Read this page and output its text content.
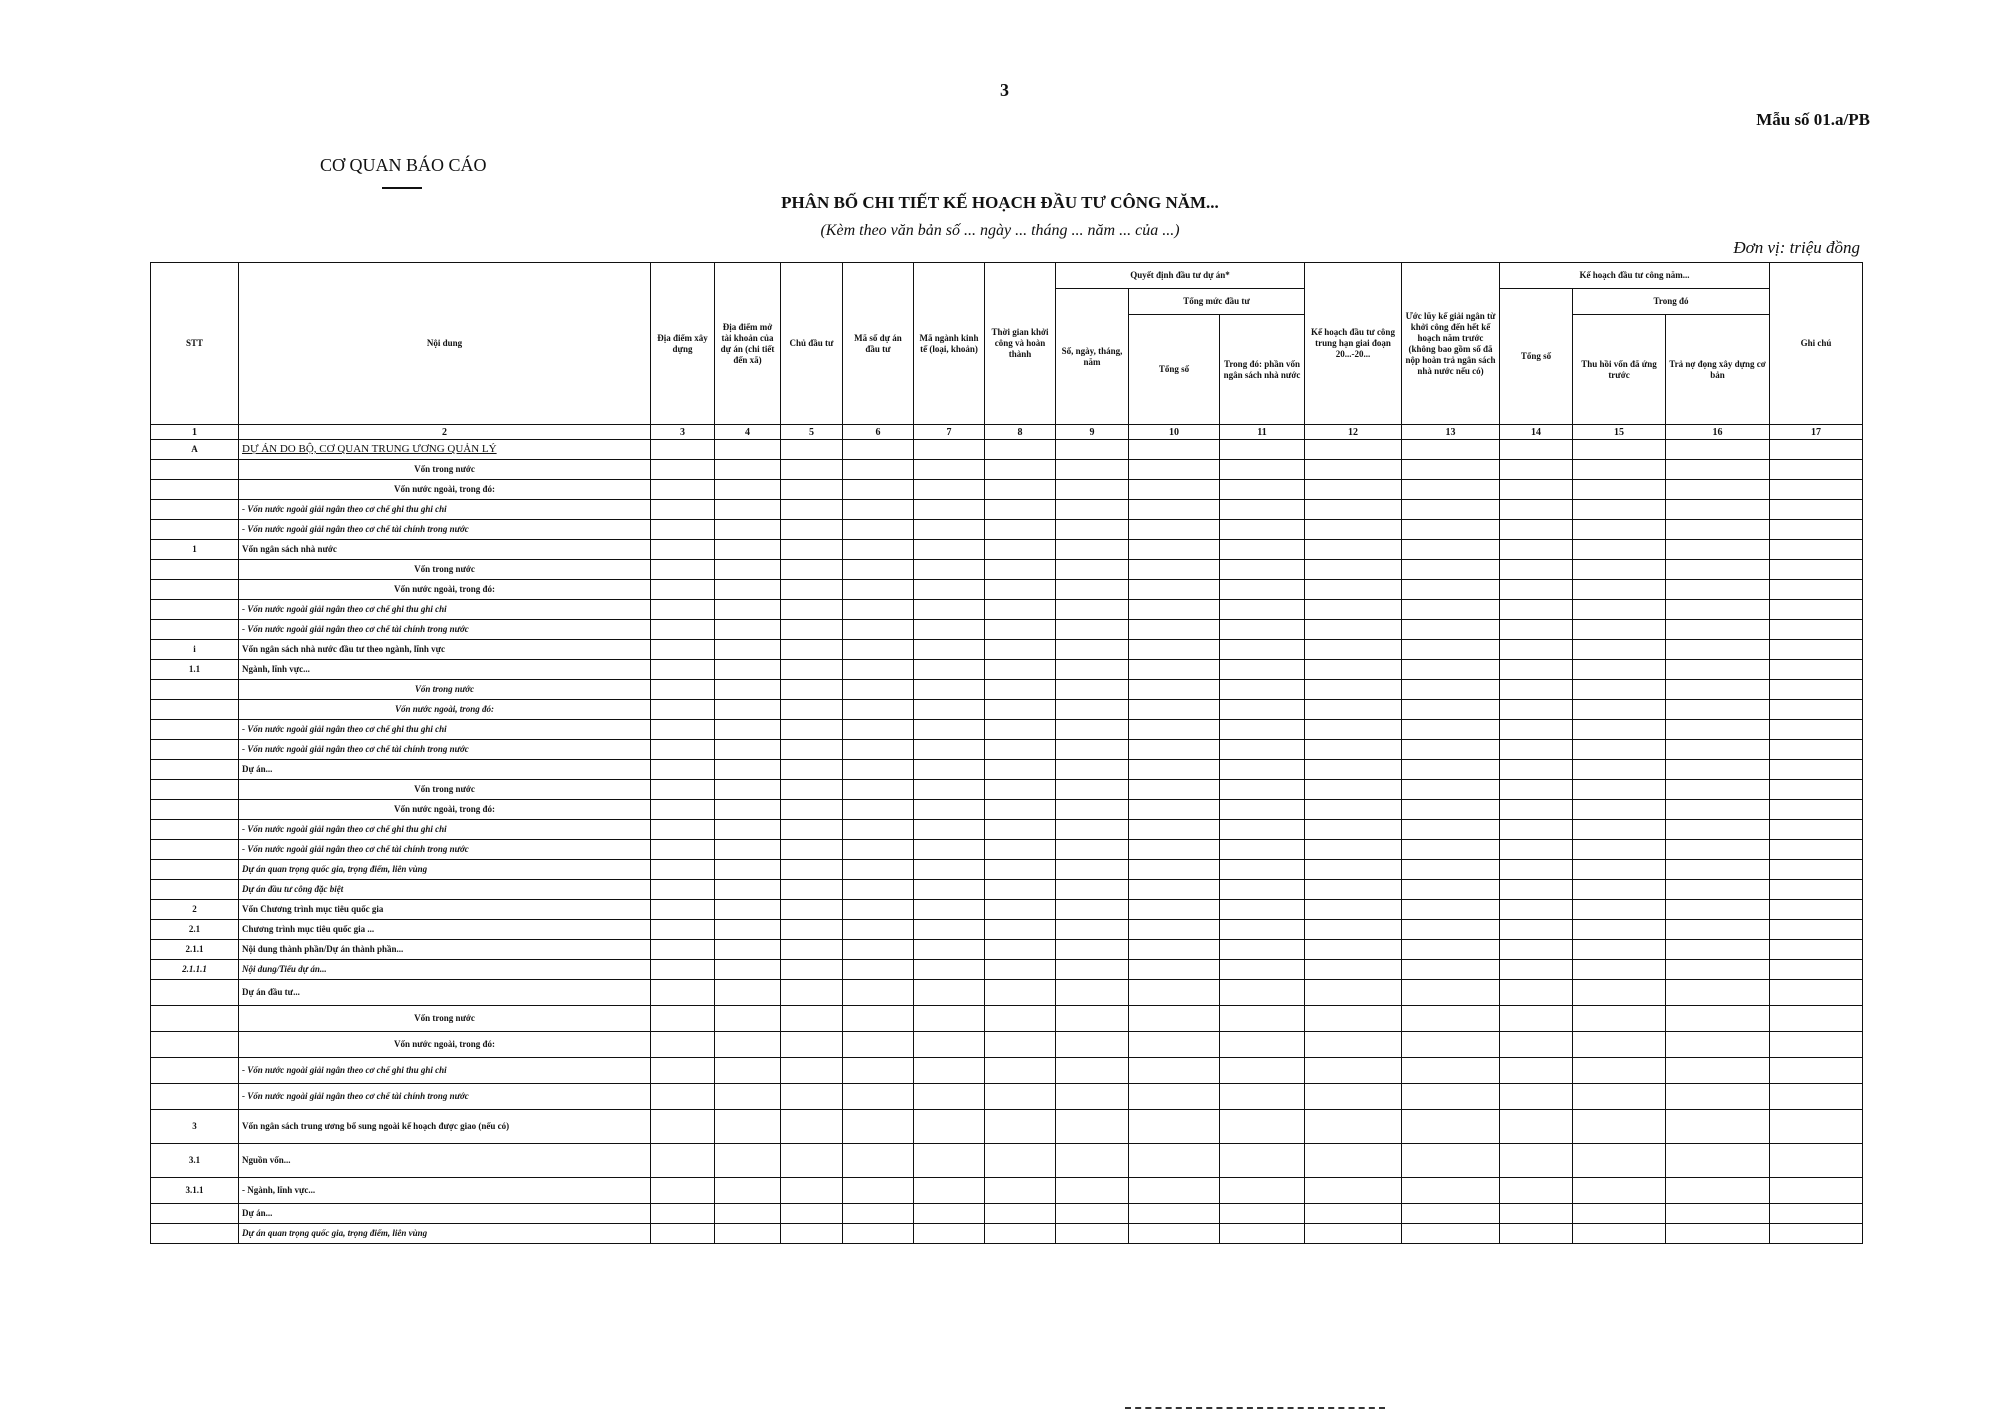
3
Mẫu số 01.a/PB
CƠ QUAN BÁO CÁO
PHÂN BỐ CHI TIẾT KẾ HOẠCH ĐẦU TƯ CÔNG NĂM...
(Kèm theo văn bản số ... ngày ... tháng ... năm ... của ...)
Đơn vị: triệu đồng
STT	Nội dung	Địa điểm xây dựng	Địa điểm mở tài khoản của dự án (chi tiết đến xã)	Chủ đầu tư	Mã số dự án đầu tư	Mã ngành kinh tế (loại, khoản)	Thời gian khởi công và hoàn thành	Quyết định đầu tư dự án*			Kế hoạch đầu tư công trung hạn giai đoạn 20...-20...	Ước lũy kế giải ngân từ khởi công đến hết kế hoạch năm trước (không bao gồm số đã nộp hoàn trả ngân sách nhà nước nếu có)	Kế hoạch đầu tư công năm...			Ghi chú
								Số, ngày, tháng, năm	Tổng mức đầu tư				Tổng số	Trong đó		
									Tổng số	Trong đó: phần vốn ngân sách nhà nước				Thu hồi vốn đã ứng trước	Trả nợ đọng xây dựng cơ bản	
1	2	3	4	5	6	7	8	9	10	11	12	13	14	15	16	17
A	DỰ ÁN DO BỘ, CƠ QUAN TRUNG ƯƠNG QUẢN LÝ															
	Vốn trong nước															
	Vốn nước ngoài, trong đó:															
	- Vốn nước ngoài giải ngân theo cơ chế ghi thu ghi chi															
	- Vốn nước ngoài giải ngân theo cơ chế tài chính trong nước															
1	Vốn ngân sách nhà nước															
	Vốn trong nước															
	Vốn nước ngoài, trong đó:															
	- Vốn nước ngoài giải ngân theo cơ chế ghi thu ghi chi															
	- Vốn nước ngoài giải ngân theo cơ chế tài chính trong nước															
i	Vốn ngân sách nhà nước đầu tư theo ngành, lĩnh vực															
1.1	Ngành, lĩnh vực...															
	Vốn trong nước															
	Vốn nước ngoài, trong đó:															
	- Vốn nước ngoài giải ngân theo cơ chế ghi thu ghi chi															
	- Vốn nước ngoài giải ngân theo cơ chế tài chính trong nước															
	Dự án...															
	Vốn trong nước															
	Vốn nước ngoài, trong đó:															
	- Vốn nước ngoài giải ngân theo cơ chế ghi thu ghi chi															
	- Vốn nước ngoài giải ngân theo cơ chế tài chính trong nước															
	Dự án quan trọng quốc gia, trọng điểm, liên vùng															
	Dự án đầu tư công đặc biệt															
2	Vốn Chương trình mục tiêu quốc gia															
2.1	Chương trình mục tiêu quốc gia ...															
2.1.1	Nội dung thành phần/Dự án thành phần...															
2.1.1.1	Nội dung/Tiểu dự án...															
	Dự án đầu tư...															
	Vốn trong nước															
	Vốn nước ngoài, trong đó:															
	- Vốn nước ngoài giải ngân theo cơ chế ghi thu ghi chi															
	- Vốn nước ngoài giải ngân theo cơ chế tài chính trong nước															
3	Vốn ngân sách trung ương bổ sung ngoài kế hoạch được giao (nếu có)															
3.1	Nguồn vốn...															
3.1.1	- Ngành, lĩnh vực...															
	Dự án...															
	Dự án quan trọng quốc gia, trọng điểm, liên vùng															
